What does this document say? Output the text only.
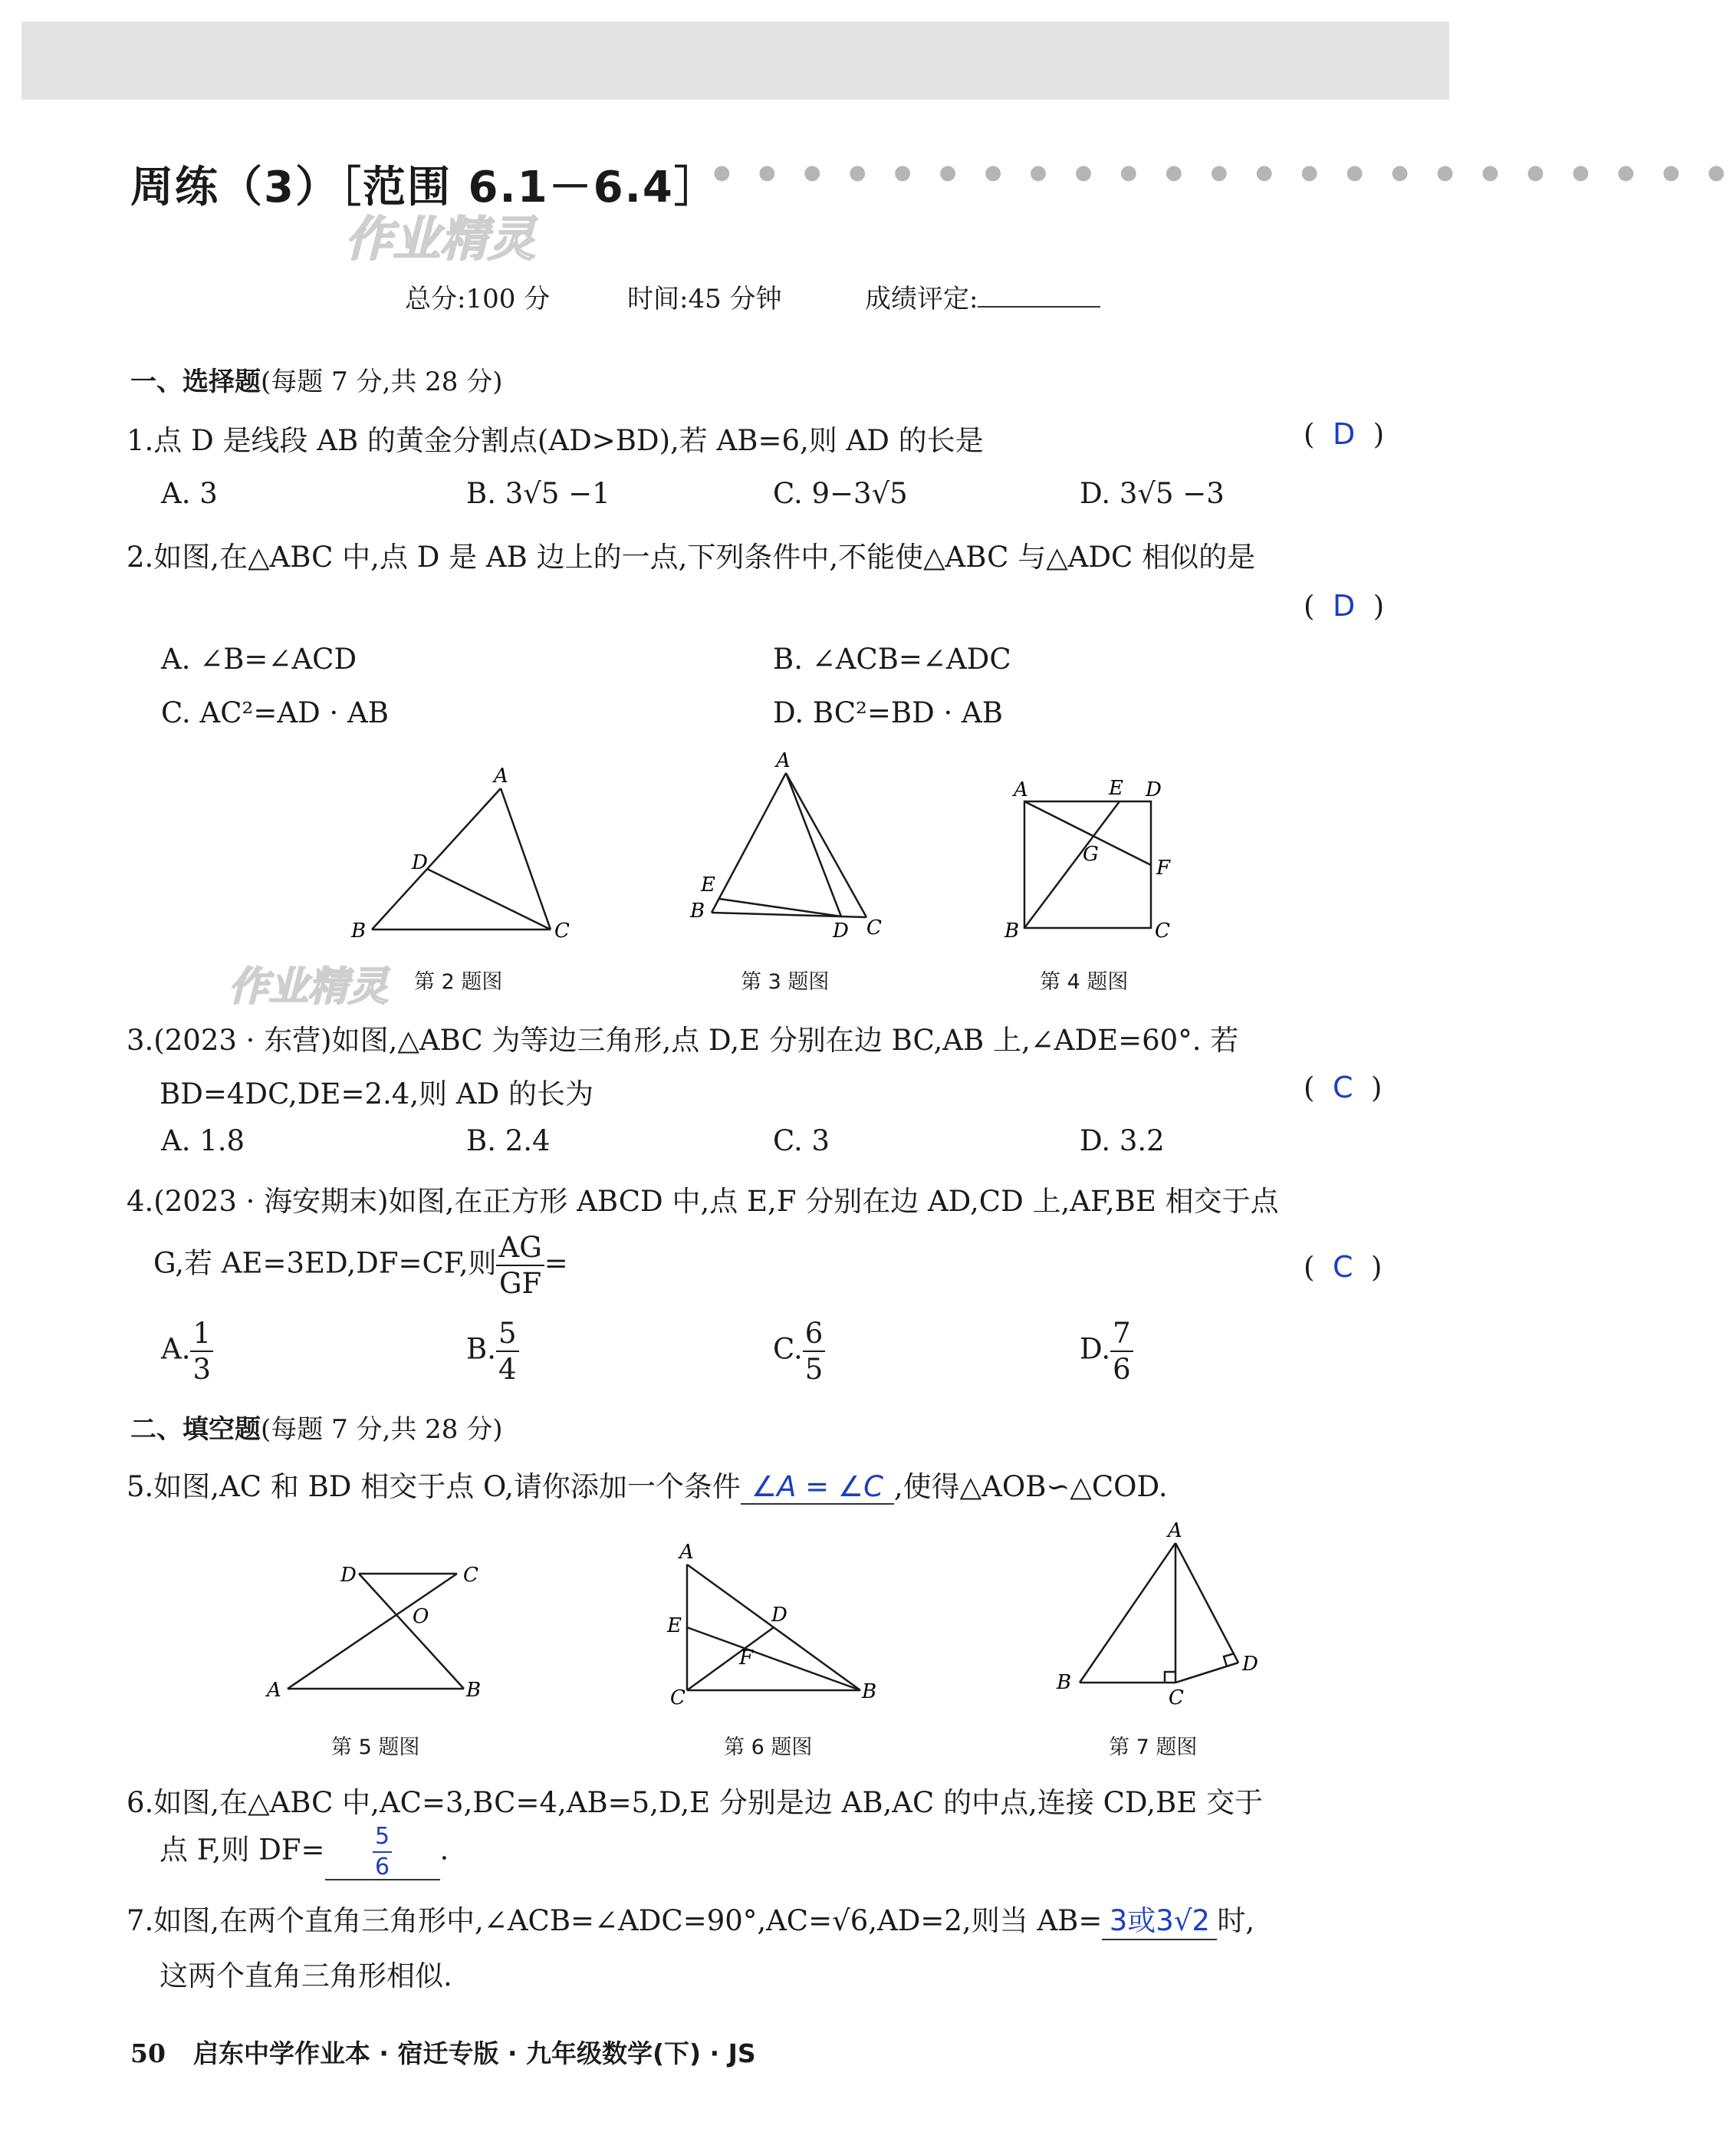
周练（3）［范围 6.1－6.4］
● ● ● ● ● ● ● ● ● ● ● ● ● ● ● ● ● ● ● ● ● ● ●
作业精灵
总分:100 分	时间:45 分钟	成绩评定:
一、选择题(每题 7 分,共 28 分)
1.点 D 是线段 AB 的黄金分割点(AD>BD),若 AB=6,则 AD 的长是	(  D  )
A. 3	B. 3√5 −1	C. 9−3√5	D. 3√5 −3
2.如图,在△ABC 中,点 D 是 AB 边上的一点,下列条件中,不能使△ABC 与△ADC 相似的是
(  D  )
A. ∠B=∠ACD	B. ∠ACB=∠ADC
C. AC²=AD · AB	D. BC²=BD · AB
A
D
B	C
作业精灵 第 2 题图
A
E
B
D C
第 3 题图
A	E D
G
F
B	C
第 4 题图
3.(2023 · 东营)如图,△ABC 为等边三角形,点 D,E 分别在边 BC,AB 上,∠ADE=60°. 若
BD=4DC,DE=2.4,则 AD 的长为	(  C  )
A. 1.8	B. 2.4	C. 3	D. 3.2
4.(2023 · 海安期末)如图,在正方形 ABCD 中,点 E,F 分别在边 AD,CD 上,AF,BE 相交于点
G,若 AE=3ED,DF=CF,则 $\frac{AG}{GF}$ =	(  C  )
A. $\frac{1}{3}$	B. $\frac{5}{4}$	C. $\frac{6}{5}$	D. $\frac{7}{6}$
二、填空题(每题 7 分,共 28 分)
5.如图,AC 和 BD 相交于点 O,请你添加一个条件 ∠A = ∠C ,使得△AOB∽△COD.
D	C
O
A	B
第 5 题图
A
E	D
F
C	B
第 6 题图
A
B
C
D
第 7 题图
6.如图,在△ABC 中,AC=3,BC=4,AB=5,D,E 分别是边 AB,AC 的中点,连接 CD,BE 交于
点 F,则 $DF= \frac{5}{6}$ .
7.如图,在两个直角三角形中,∠ACB=∠ADC=90°,AC=√6,AD=2,则当 AB= 3或3√2 时,
这两个直角三角形相似.
50 启东中学作业本 · 宿迁专版 · 九年级数学(下) · JS
